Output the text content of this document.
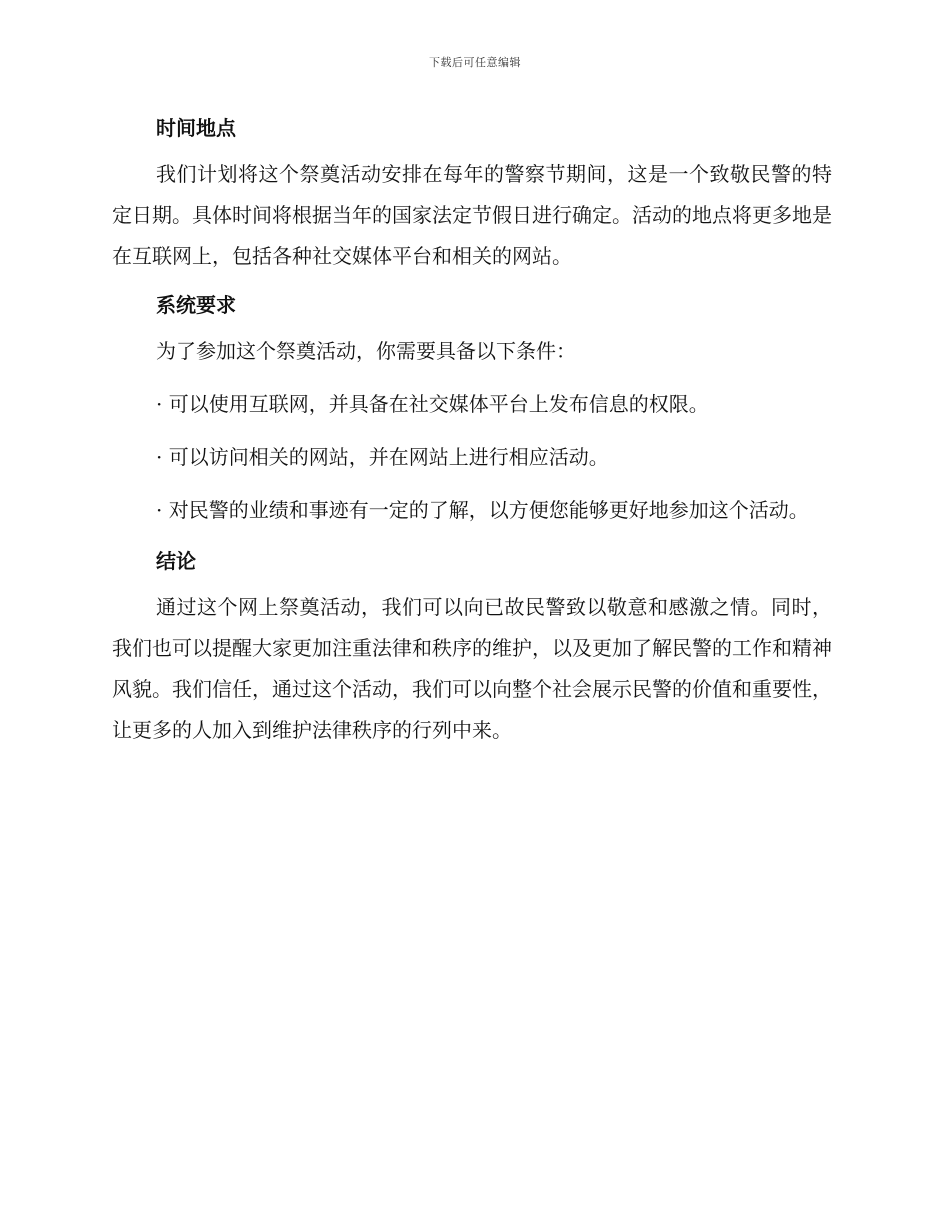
下载后可任意编辑
时间地点

我们计划将这个祭奠活动安排在每年的警察节期间，这是一个致敬民警的特定日期。具体时间将根据当年的国家法定节假日进行确定。活动的地点将更多地是在互联网上，包括各种社交媒体平台和相关的网站。

系统要求

为了参加这个祭奠活动，你需要具备以下条件：

· 可以使用互联网，并具备在社交媒体平台上发布信息的权限。

· 可以访问相关的网站，并在网站上进行相应活动。

· 对民警的业绩和事迹有一定的了解，以方便您能够更好地参加这个活动。

结论

通过这个网上祭奠活动，我们可以向已故民警致以敬意和感激之情。同时，我们也可以提醒大家更加注重法律和秩序的维护，以及更加了解民警的工作和精神风貌。我们信任，通过这个活动，我们可以向整个社会展示民警的价值和重要性，让更多的人加入到维护法律秩序的行列中来。
